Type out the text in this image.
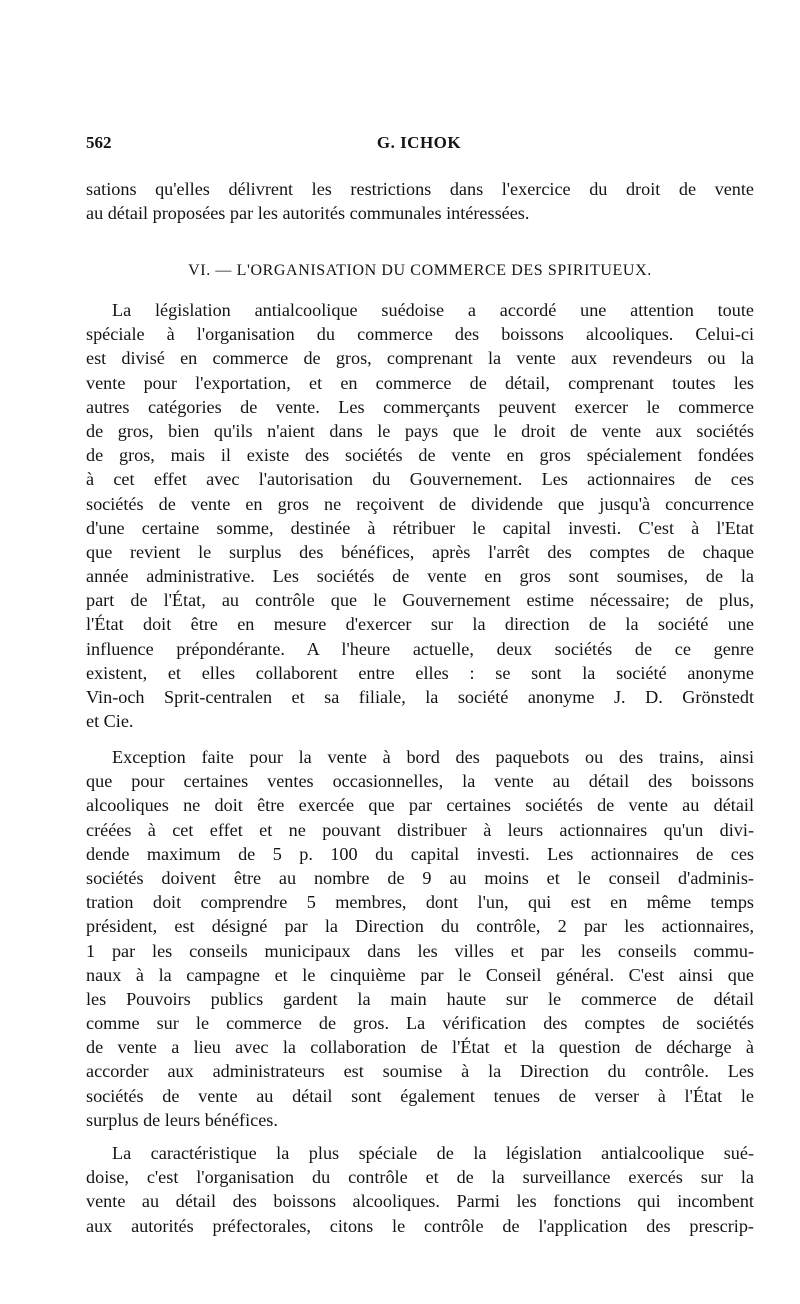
562	G. ICHOK
sations qu'elles délivrent les restrictions dans l'exercice du droit de vente
au détail proposées par les autorités communales intéressées.
VI. — L'ORGANISATION DU COMMERCE DES SPIRITUEUX.
La législation antialcoolique suédoise a accordé une attention toute
spéciale à l'organisation du commerce des boissons alcooliques. Celui-ci
est divisé en commerce de gros, comprenant la vente aux revendeurs ou la
vente pour l'exportation, et en commerce de détail, comprenant toutes les
autres catégories de vente. Les commerçants peuvent exercer le commerce
de gros, bien qu'ils n'aient dans le pays que le droit de vente aux sociétés
de gros, mais il existe des sociétés de vente en gros spécialement fondées
à cet effet avec l'autorisation du Gouvernement. Les actionnaires de ces
sociétés de vente en gros ne reçoivent de dividende que jusqu'à concurrence
d'une certaine somme, destinée à rétribuer le capital investi. C'est à l'Etat
que revient le surplus des bénéfices, après l'arrêt des comptes de chaque
année administrative. Les sociétés de vente en gros sont soumises, de la
part de l'État, au contrôle que le Gouvernement estime nécessaire; de plus,
l'État doit être en mesure d'exercer sur la direction de la société une
influence prépondérante. A l'heure actuelle, deux sociétés de ce genre
existent, et elles collaborent entre elles : se sont la société anonyme
Vin-och Sprit-centralen et sa filiale, la société anonyme J. D. Grönstedt
et Cie.
Exception faite pour la vente à bord des paquebots ou des trains, ainsi
que pour certaines ventes occasionnelles, la vente au détail des boissons
alcooliques ne doit être exercée que par certaines sociétés de vente au détail
créées à cet effet et ne pouvant distribuer à leurs actionnaires qu'un divi-
dende maximum de 5 p. 100 du capital investi. Les actionnaires de ces
sociétés doivent être au nombre de 9 au moins et le conseil d'adminis-
tration doit comprendre 5 membres, dont l'un, qui est en même temps
président, est désigné par la Direction du contrôle, 2 par les actionnaires,
1 par les conseils municipaux dans les villes et par les conseils commu-
naux à la campagne et le cinquième par le Conseil général. C'est ainsi que
les Pouvoirs publics gardent la main haute sur le commerce de détail
comme sur le commerce de gros. La vérification des comptes de sociétés
de vente a lieu avec la collaboration de l'État et la question de décharge à
accorder aux administrateurs est soumise à la Direction du contrôle. Les
sociétés de vente au détail sont également tenues de verser à l'État le
surplus de leurs bénéfices.
La caractéristique la plus spéciale de la législation antialcoolique sué-
doise, c'est l'organisation du contrôle et de la surveillance exercés sur la
vente au détail des boissons alcooliques. Parmi les fonctions qui incombent
aux autorités préfectorales, citons le contrôle de l'application des prescrip-
